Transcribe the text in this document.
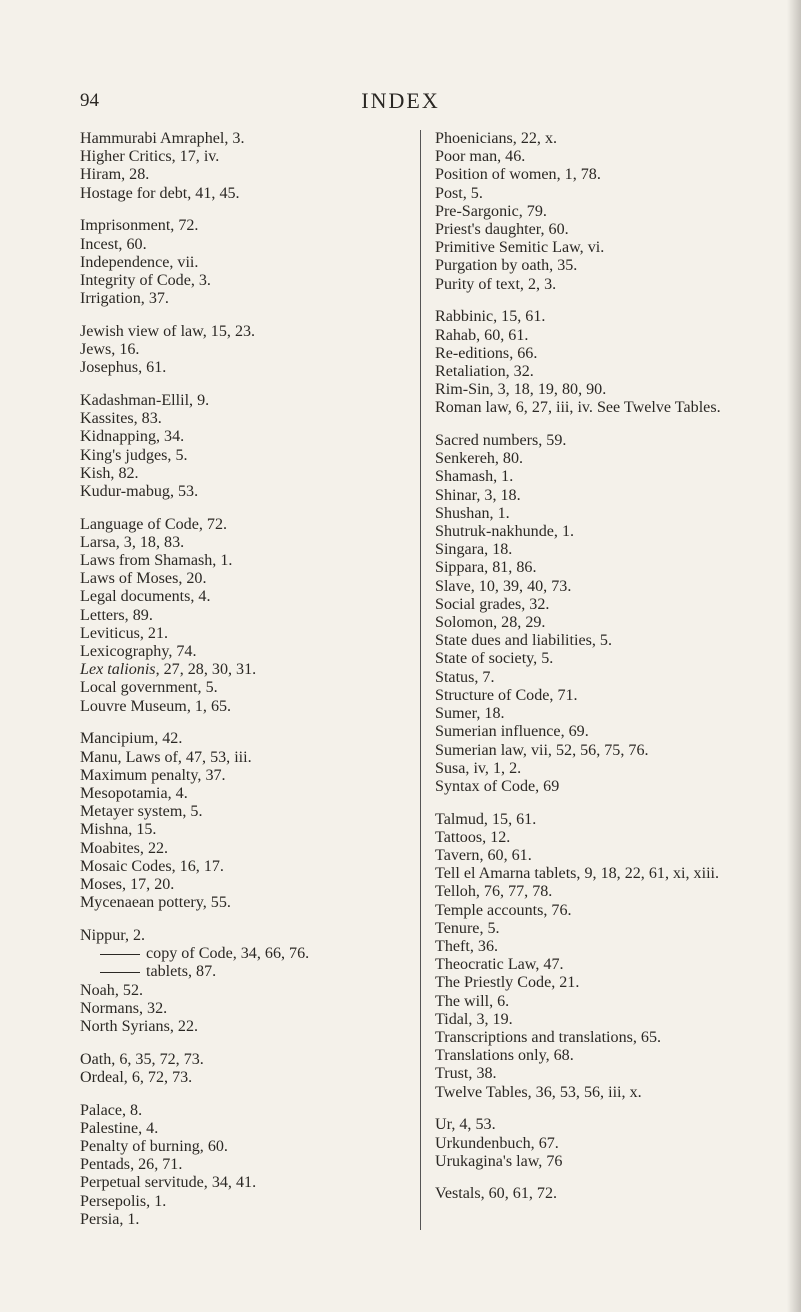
94	INDEX
Hammurabi Amraphel, 3.
Higher Critics, 17, iv.
Hiram, 28.
Hostage for debt, 41, 45.
Imprisonment, 72.
Incest, 60.
Independence, vii.
Integrity of Code, 3.
Irrigation, 37.
Jewish view of law, 15, 23.
Jews, 16.
Josephus, 61.
Kadashman-Ellil, 9.
Kassites, 83.
Kidnapping, 34.
King's judges, 5.
Kish, 82.
Kudur-mabug, 53.
Language of Code, 72.
Larsa, 3, 18, 83.
Laws from Shamash, 1.
Laws of Moses, 20.
Legal documents, 4.
Letters, 89.
Leviticus, 21.
Lexicography, 74.
Lex talionis, 27, 28, 30, 31.
Local government, 5.
Louvre Museum, 1, 65.
Mancipium, 42.
Manu, Laws of, 47, 53, iii.
Maximum penalty, 37.
Mesopotamia, 4.
Metayer system, 5.
Mishna, 15.
Moabites, 22.
Mosaic Codes, 16, 17.
Moses, 17, 20.
Mycenaean pottery, 55.
Nippur, 2.
copy of Code, 34, 66, 76.
tablets, 87.
Noah, 52.
Normans, 32.
North Syrians, 22.
Oath, 6, 35, 72, 73.
Ordeal, 6, 72, 73.
Palace, 8.
Palestine, 4.
Penalty of burning, 60.
Pentads, 26, 71.
Perpetual servitude, 34, 41.
Persepolis, 1.
Persia, 1.
Phoenicians, 22, x.
Poor man, 46.
Position of women, 1, 78.
Post, 5.
Pre-Sargonic, 79.
Priest's daughter, 60.
Primitive Semitic Law, vi.
Purgation by oath, 35.
Purity of text, 2, 3.
Rabbinic, 15, 61.
Rahab, 60, 61.
Re-editions, 66.
Retaliation, 32.
Rim-Sin, 3, 18, 19, 80, 90.
Roman law, 6, 27, iii, iv. See Twelve Tables.
Sacred numbers, 59.
Senkereh, 80.
Shamash, 1.
Shinar, 3, 18.
Shushan, 1.
Shutruk-nakhunde, 1.
Singara, 18.
Sippara, 81, 86.
Slave, 10, 39, 40, 73.
Social grades, 32.
Solomon, 28, 29.
State dues and liabilities, 5.
State of society, 5.
Status, 7.
Structure of Code, 71.
Sumer, 18.
Sumerian influence, 69.
Sumerian law, vii, 52, 56, 75, 76.
Susa, iv, 1, 2.
Syntax of Code, 69
Talmud, 15, 61.
Tattoos, 12.
Tavern, 60, 61.
Tell el Amarna tablets, 9, 18, 22, 61, xi, xiii.
Telloh, 76, 77, 78.
Temple accounts, 76.
Tenure, 5.
Theft, 36.
Theocratic Law, 47.
The Priestly Code, 21.
The will, 6.
Tidal, 3, 19.
Transcriptions and translations, 65.
Translations only, 68.
Trust, 38.
Twelve Tables, 36, 53, 56, iii, x.
Ur, 4, 53.
Urkundenbuch, 67.
Urukagina's law, 76
Vestals, 60, 61, 72.
